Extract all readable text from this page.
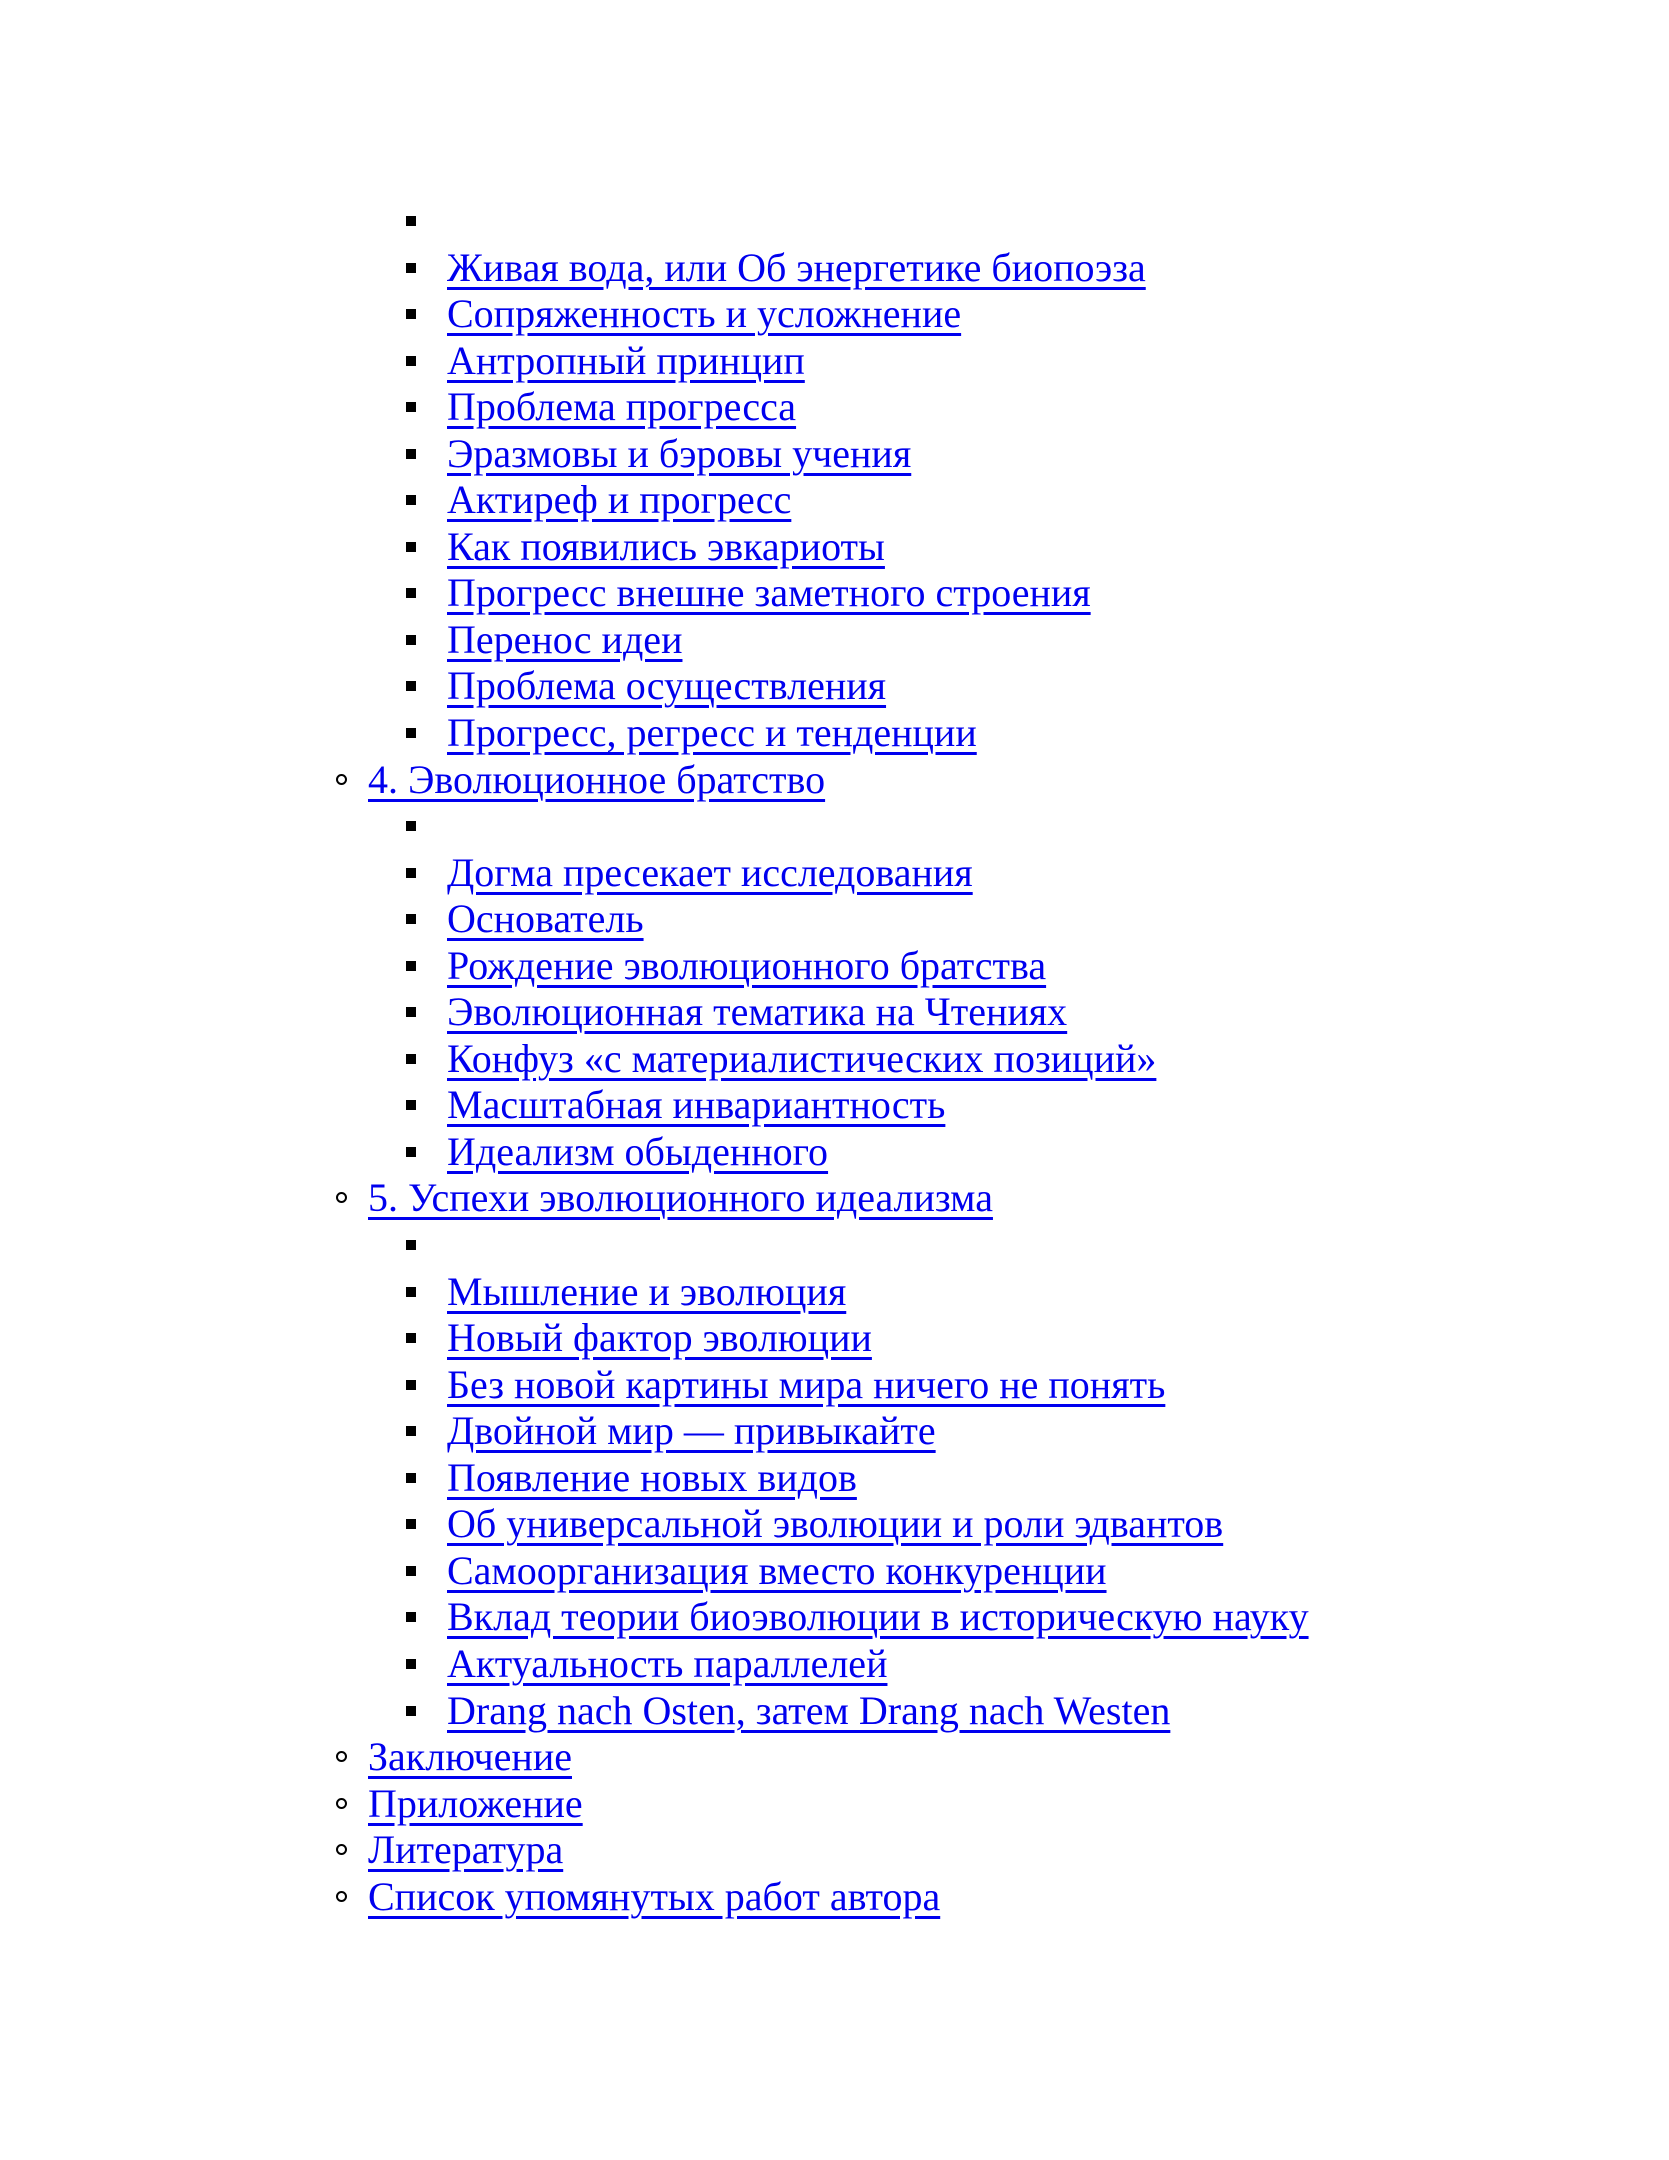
Живая вода, или Об энергетике биопоэза
Сопряженность и усложнение
Антропный принцип
Проблема прогресса
Эразмовы и бэровы учения
Актиреф и прогресс
Как появились эвкариоты
Прогресс внешне заметного строения
Перенос идеи
Проблема осуществления
Прогресс, регресс и тенденции
4. Эволюционное братство
Догма пресекает исследования
Основатель
Рождение эволюционного братства
Эволюционная тематика на Чтениях
Конфуз «с материалистических позиций»
Масштабная инвариантность
Идеализм обыденного
5. Успехи эволюционного идеализма
Мышление и эволюция
Новый фактор эволюции
Без новой картины мира ничего не понять
Двойной мир — привыкайте
Появление новых видов
Об универсальной эволюции и роли эдвантов
Самоорганизация вместо конкуренции
Вклад теории биоэволюции в историческую науку
Актуальность параллелей
Drang nach Osten, затем Drang nach Westen
Заключение
Приложение
Литература
Список упомянутых работ автора
